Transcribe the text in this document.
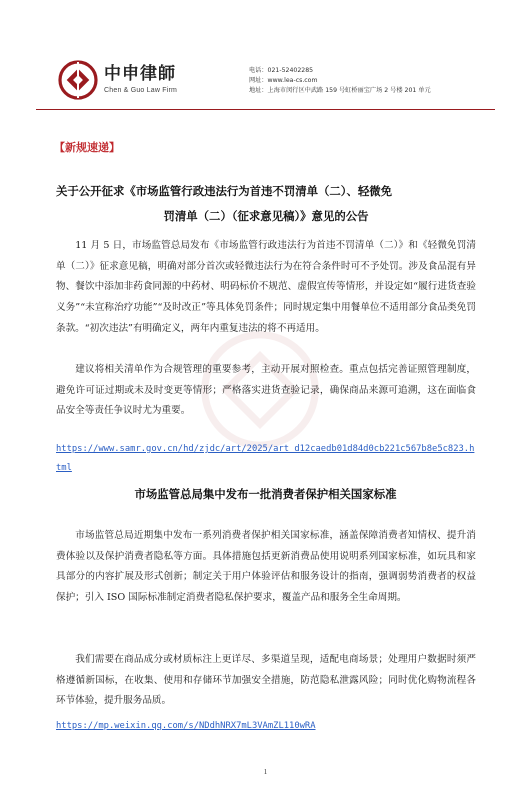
中申律師
Chen & Guo Law Firm
电话：021-52402285
网址：www.lea-cs.com
地址：上海市闵行区中武路 159 号虹桥丽宝广场 2 号楼 201 单元
【新规速递】
关于公开征求《市场监管行政违法行为首违不罚清单（二）、轻微免
罚清单（二）（征求意见稿）》意见的公告

11 月 5 日，市场监管总局发布《市场监管行政违法行为首违不罚清单（二）》和《轻微免罚清单（二）》征求意见稿，明确对部分首次或轻微违法行为在符合条件时可不予处罚。涉及食品混有异物、餐饮中添加非药食同源的中药材、明码标价不规范、虚假宣传等情形，并设定如“履行进货查验义务”“未宣称治疗功能”“及时改正”等具体免罚条件；同时规定集中用餐单位不适用部分食品类免罚条款。“初次违法”有明确定义，两年内重复违法的将不再适用。

建议将相关清单作为合规管理的重要参考，主动开展对照检查。重点包括完善证照管理制度，避免许可证过期或未及时变更等情形；严格落实进货查验记录，确保商品来源可追溯，这在面临食品安全等责任争议时尤为重要。

https://www.samr.gov.cn/hd/zjdc/art/2025/art_d12caedb01d84d0cb221c567b8e5c823.html
市场监管总局集中发布一批消费者保护相关国家标准

市场监管总局近期集中发布一系列消费者保护相关国家标准，涵盖保障消费者知情权、提升消费体验以及保护消费者隐私等方面。具体措施包括更新消费品使用说明系列国家标准，如玩具和家具部分的内容扩展及形式创新；制定关于用户体验评估和服务设计的指南，强调弱势消费者的权益保护；引入 ISO 国际标准制定消费者隐私保护要求，覆盖产品和服务全生命周期。

我们需要在商品成分或材质标注上更详尽、多渠道呈现，适配电商场景；处理用户数据时须严格遵循新国标，在收集、使用和存储环节加强安全措施，防范隐私泄露风险；同时优化购物流程各环节体验，提升服务品质。

https://mp.weixin.qq.com/s/NDdhNRX7mL3VAmZL110wRA
1
